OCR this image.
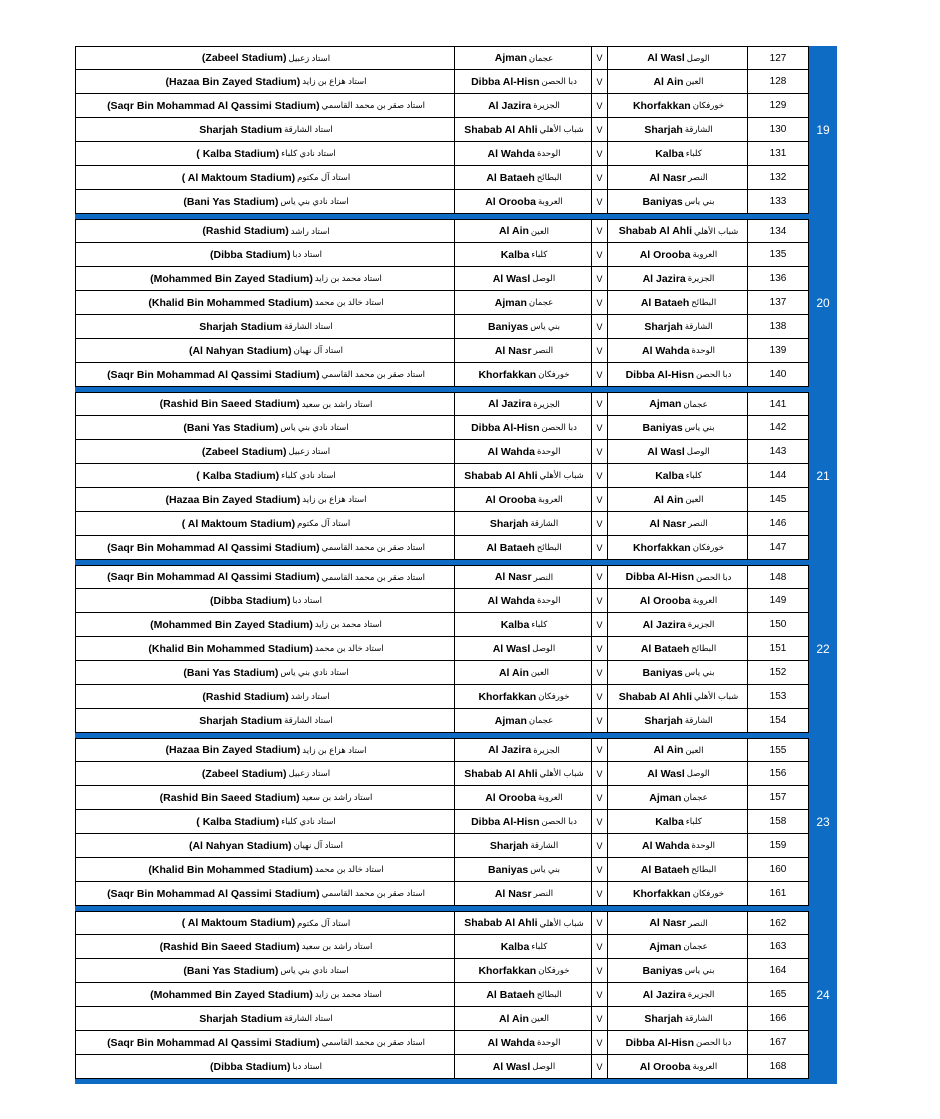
(Zabeel Stadium) استاد زعبيل	Ajman عجمان	V	Al Wasl الوصل	127
(Hazaa Bin Zayed Stadium) استاد هزاع بن زايد	Dibba Al-Hisn دبا الحصن	V	Al Ain العين	128
(Saqr Bin Mohammad Al Qassimi Stadium) استاد صقر بن محمد القاسمي	Al Jazira الجزيرة	V	Khorfakkan خورفكان	129
Sharjah Stadium استاد الشارقة	Shabab Al Ahli شباب الأهلي	V	Sharjah الشارقة	130
( Kalba Stadium) استاد نادي كلباء	Al Wahda الوحدة	V	Kalba كلباء	131
( Al Maktoum Stadium) استاد آل مكتوم	Al Bataeh البطائح	V	Al Nasr النصر	132
(Bani Yas Stadium) استاد نادي بني ياس	Al Orooba العروبة	V	Baniyas بني ياس	133
19
(Rashid Stadium) استاد راشد	Al Ain العين	V	Shabab Al Ahli شباب الأهلي	134
(Dibba Stadium) استاد دبا	Kalba كلباء	V	Al Orooba العروبة	135
(Mohammed Bin Zayed Stadium) استاد محمد بن زايد	Al Wasl الوصل	V	Al Jazira الجزيرة	136
(Khalid Bin Mohammed Stadium) استاد خالد بن محمد	Ajman عجمان	V	Al Bataeh البطائح	137
Sharjah Stadium استاد الشارقة	Baniyas بني ياس	V	Sharjah الشارقة	138
(Al Nahyan Stadium) استاد آل نهيان	Al Nasr النصر	V	Al Wahda الوحدة	139
(Saqr Bin Mohammad Al Qassimi Stadium) استاد صقر بن محمد القاسمي	Khorfakkan خورفكان	V	Dibba Al-Hisn دبا الحصن	140
20
(Rashid Bin Saeed Stadium) استاد راشد بن سعيد	Al Jazira الجزيرة	V	Ajman عجمان	141
(Bani Yas Stadium) استاد نادي بني ياس	Dibba Al-Hisn دبا الحصن	V	Baniyas بني ياس	142
(Zabeel Stadium) استاد زعبيل	Al Wahda الوحدة	V	Al Wasl الوصل	143
( Kalba Stadium) استاد نادي كلباء	Shabab Al Ahli شباب الأهلي	V	Kalba كلباء	144
(Hazaa Bin Zayed Stadium) استاد هزاع بن زايد	Al Orooba العروبة	V	Al Ain العين	145
( Al Maktoum Stadium) استاد آل مكتوم	Sharjah الشارقة	V	Al Nasr النصر	146
(Saqr Bin Mohammad Al Qassimi Stadium) استاد صقر بن محمد القاسمي	Al Bataeh البطائح	V	Khorfakkan خورفكان	147
21
(Saqr Bin Mohammad Al Qassimi Stadium) استاد صقر بن محمد القاسمي	Al Nasr النصر	V	Dibba Al-Hisn دبا الحصن	148
(Dibba Stadium) استاد دبا	Al Wahda الوحدة	V	Al Orooba العروبة	149
(Mohammed Bin Zayed Stadium) استاد محمد بن زايد	Kalba كلباء	V	Al Jazira الجزيرة	150
(Khalid Bin Mohammed Stadium) استاد خالد بن محمد	Al Wasl الوصل	V	Al Bataeh البطائح	151
(Bani Yas Stadium) استاد نادي بني ياس	Al Ain العين	V	Baniyas بني ياس	152
(Rashid Stadium) استاد راشد	Khorfakkan خورفكان	V	Shabab Al Ahli شباب الأهلي	153
Sharjah Stadium استاد الشارقة	Ajman عجمان	V	Sharjah الشارقة	154
22
(Hazaa Bin Zayed Stadium) استاد هزاع بن زايد	Al Jazira الجزيرة	V	Al Ain العين	155
(Zabeel Stadium) استاد زعبيل	Shabab Al Ahli شباب الأهلي	V	Al Wasl الوصل	156
(Rashid Bin Saeed Stadium) استاد راشد بن سعيد	Al Orooba العروبة	V	Ajman عجمان	157
( Kalba Stadium) استاد نادي كلباء	Dibba Al-Hisn دبا الحصن	V	Kalba كلباء	158
(Al Nahyan Stadium) استاد آل نهيان	Sharjah الشارقة	V	Al Wahda الوحدة	159
(Khalid Bin Mohammed Stadium) استاد خالد بن محمد	Baniyas بني ياس	V	Al Bataeh البطائح	160
(Saqr Bin Mohammad Al Qassimi Stadium) استاد صقر بن محمد القاسمي	Al Nasr النصر	V	Khorfakkan خورفكان	161
23
( Al Maktoum Stadium) استاد آل مكتوم	Shabab Al Ahli شباب الأهلي	V	Al Nasr النصر	162
(Rashid Bin Saeed Stadium) استاد راشد بن سعيد	Kalba كلباء	V	Ajman عجمان	163
(Bani Yas Stadium) استاد نادي بني ياس	Khorfakkan خورفكان	V	Baniyas بني ياس	164
(Mohammed Bin Zayed Stadium) استاد محمد بن زايد	Al Bataeh البطائح	V	Al Jazira الجزيرة	165
Sharjah Stadium استاد الشارقة	Al Ain العين	V	Sharjah الشارقة	166
(Saqr Bin Mohammad Al Qassimi Stadium) استاد صقر بن محمد القاسمي	Al Wahda الوحدة	V	Dibba Al-Hisn دبا الحصن	167
(Dibba Stadium) استاد دبا	Al Wasl الوصل	V	Al Orooba العروبة	168
24
